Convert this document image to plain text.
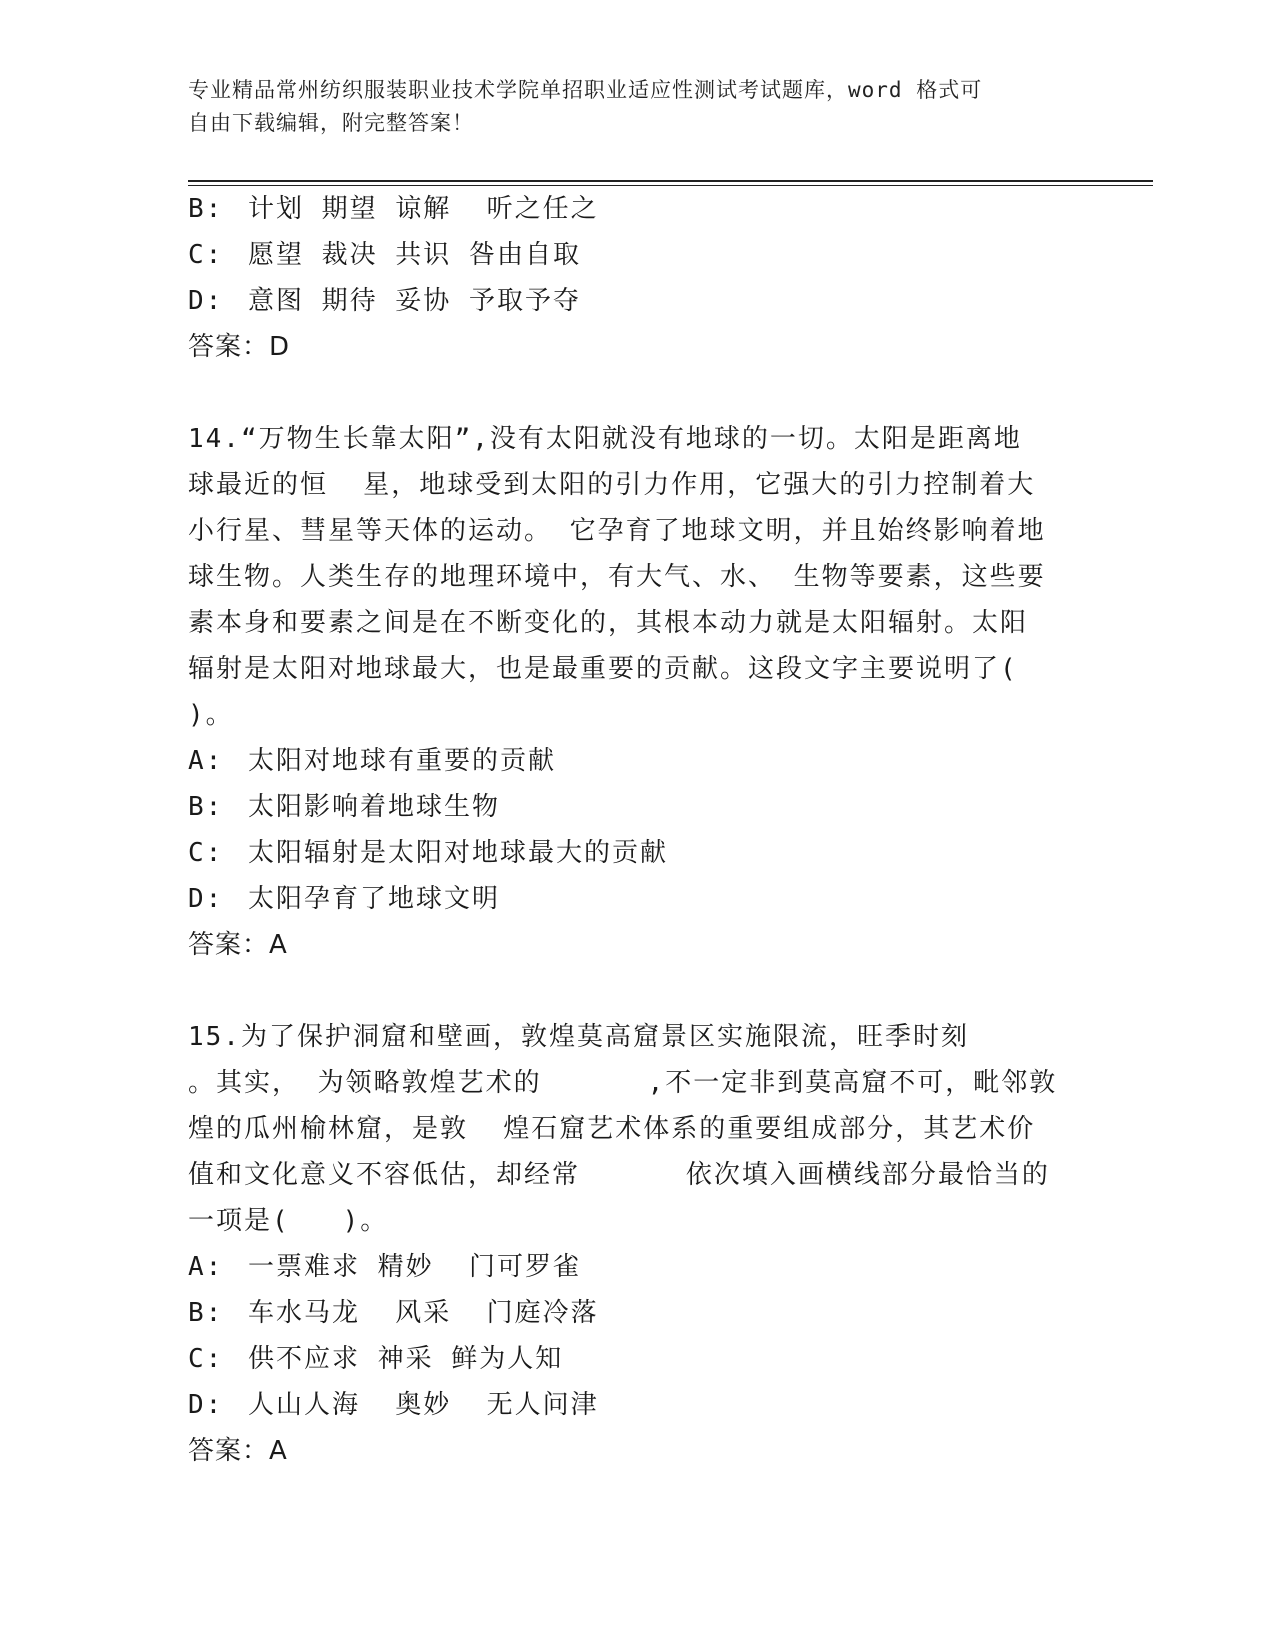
专业精品常州纺织服装职业技术学院单招职业适应性测试考试题库，word 格式可
自由下载编辑，附完整答案！
B: 计划 期望 谅解  听之任之
C: 愿望 裁决 共识 咎由自取
D: 意图 期待 妥协 予取予夺
答案：D
14.“万物生长靠太阳”,没有太阳就没有地球的一切。太阳是距离地
球最近的恒  星，地球受到太阳的引力作用，它强大的引力控制着大
小行星、彗星等天体的运动。 它孕育了地球文明，并且始终影响着地
球生物。人类生存的地理环境中，有大气、水、 生物等要素，这些要
素本身和要素之间是在不断变化的，其根本动力就是太阳辐射。太阳
辐射是太阳对地球最大，也是最重要的贡献。这段文字主要说明了(
)。
A: 太阳对地球有重要的贡献
B: 太阳影响着地球生物
C: 太阳辐射是太阳对地球最大的贡献
D: 太阳孕育了地球文明
答案：A
15.为了保护洞窟和壁画，敦煌莫高窟景区实施限流，旺季时刻
。其实， 为领略敦煌艺术的      ,不一定非到莫高窟不可，毗邻敦
煌的瓜州榆林窟，是敦  煌石窟艺术体系的重要组成部分，其艺术价
值和文化意义不容低估，却经常      依次填入画横线部分最恰当的
一项是(   )。
A: 一票难求 精妙  门可罗雀
B: 车水马龙  风采  门庭冷落
C: 供不应求 神采 鲜为人知
D: 人山人海  奥妙  无人问津
答案：A
